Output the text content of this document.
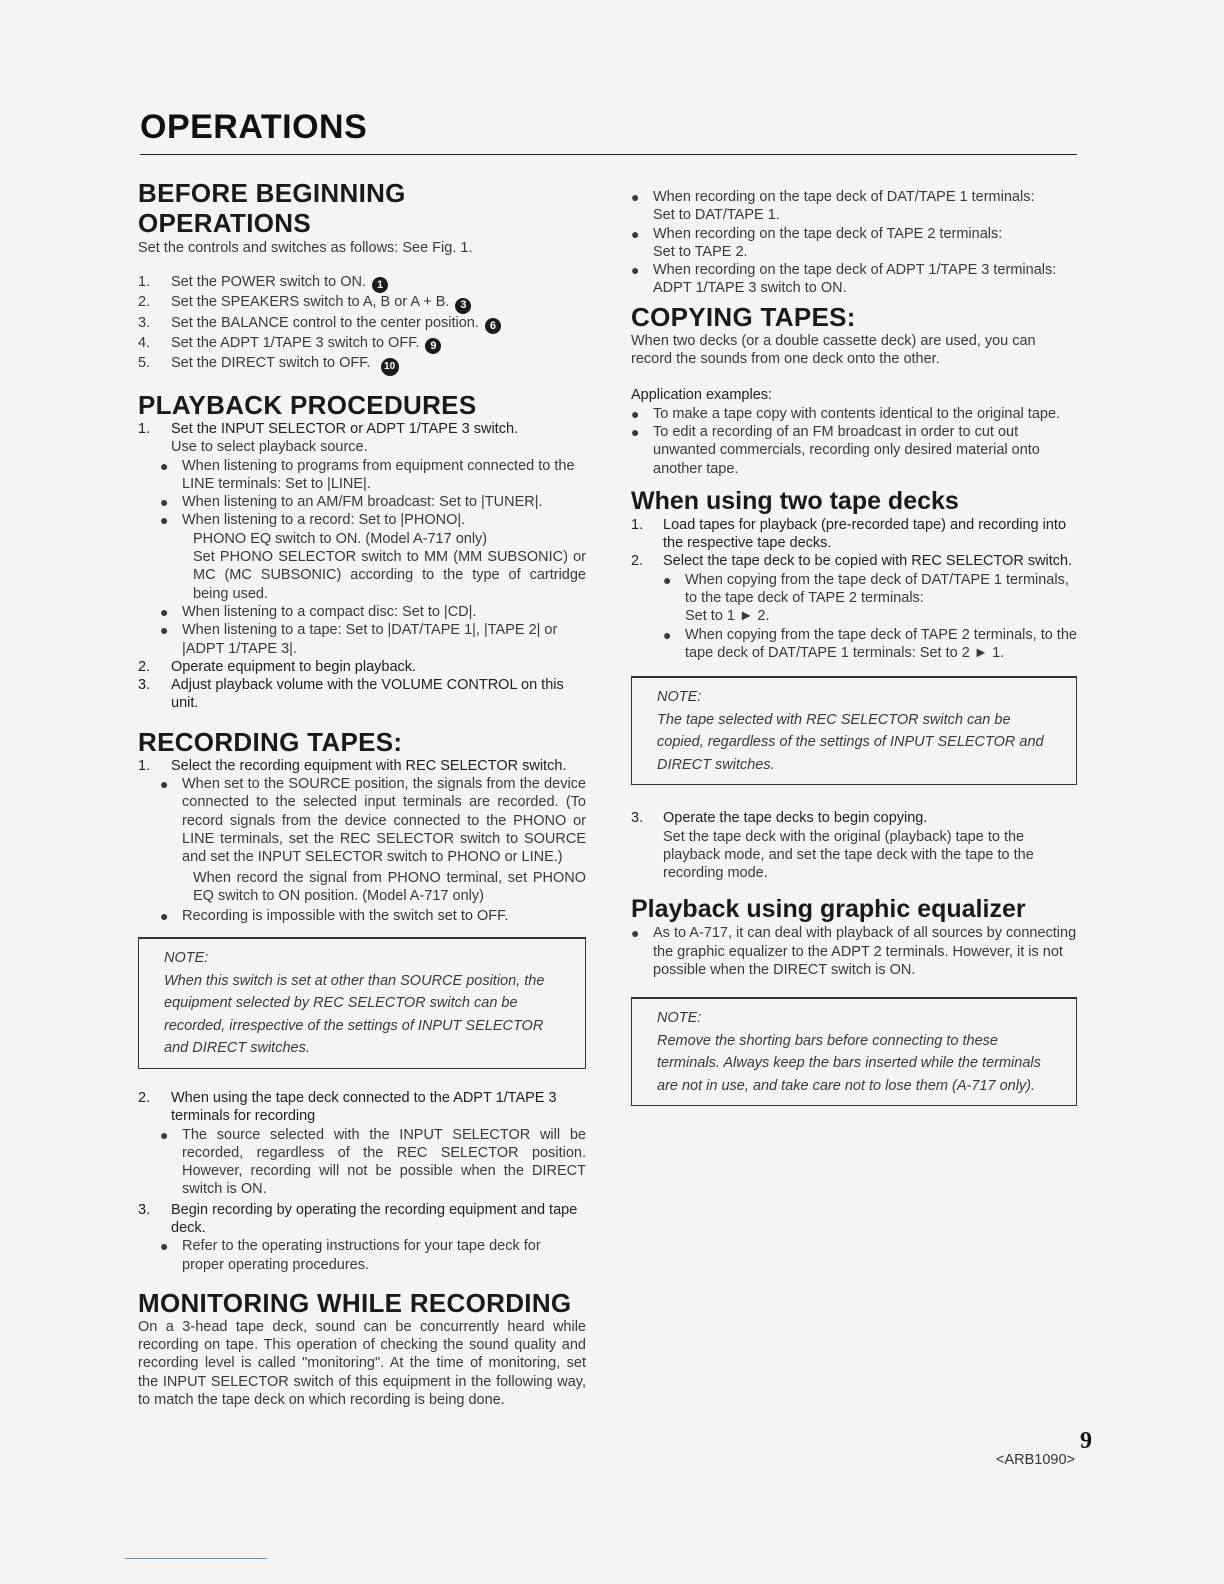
OPERATIONS
BEFORE BEGINNING OPERATIONS

Set the controls and switches as follows: See Fig. 1.

1.	Set the POWER switch to ON. 1
2.	Set the SPEAKERS switch to A, B or A + B. 3
3.	Set the BALANCE control to the center position. 6
4.	Set the ADPT 1/TAPE 3 switch to OFF. 9
5.	Set the DIRECT switch to OFF. 10
PLAYBACK PROCEDURES
1.	Set the INPUT SELECTOR or ADPT 1/TAPE 3 switch.

Use to select playback source.

● When listening to programs from equipment connected to the LINE terminals: Set to |LINE|.
● When listening to an AM/FM broadcast: Set to |TUNER|.
● When listening to a record: Set to |PHONO|.

PHONO EQ switch to ON. (Model A-717 only)

Set PHONO SELECTOR switch to MM (MM SUBSONIC) or MC (MC SUBSONIC) according to the type of cartridge being used.

● When listening to a compact disc: Set to |CD|.
● When listening to a tape: Set to |DAT/TAPE 1|, |TAPE 2| or |ADPT 1/TAPE 3|.
2.	Operate equipment to begin playback.
3.	Adjust playback volume with the VOLUME CONTROL on this unit.
RECORDING TAPES:
1.	Select the recording equipment with REC SELECTOR switch.
● When set to the SOURCE position, the signals from the device connected to the selected input terminals are recorded. (To record signals from the device connected to the PHONO or LINE terminals, set the REC SELECTOR switch to SOURCE and set the INPUT SELECTOR switch to PHONO or LINE.)

When record the signal from PHONO terminal, set PHONO EQ switch to ON position. (Model A-717 only)

● Recording is impossible with the switch set to OFF.

NOTE:

When this switch is set at other than SOURCE position, the equipment selected by REC SELECTOR switch can be recorded, irrespective of the settings of INPUT SELECTOR and DIRECT switches.

2.	When using the tape deck connected to the ADPT 1/TAPE 3 terminals for recording
● The source selected with the INPUT SELECTOR will be recorded, regardless of the REC SELECTOR position. However, recording will not be possible when the DIRECT switch is ON.
3.	Begin recording by operating the recording equipment and tape deck.
● Refer to the operating instructions for your tape deck for proper operating procedures.
MONITORING WHILE RECORDING

On a 3-head tape deck, sound can be concurrently heard while recording on tape. This operation of checking the sound quality and recording level is called "monitoring". At the time of monitoring, set the INPUT SELECTOR switch of this equipment in the following way, to match the tape deck on which recording is being done.

● When recording on the tape deck of DAT/TAPE 1 terminals:
Set to DAT/TAPE 1.
● When recording on the tape deck of TAPE 2 terminals:
Set to TAPE 2.
● When recording on the tape deck of ADPT 1/TAPE 3 terminals:
ADPT 1/TAPE 3 switch to ON.
COPYING TAPES:

When two decks (or a double cassette deck) are used, you can record the sounds from one deck onto the other.

Application examples:

● To make a tape copy with contents identical to the original tape.
● To edit a recording of an FM broadcast in order to cut out unwanted commercials, recording only desired material onto another tape.
When using two tape decks
1.	Load tapes for playback (pre-recorded tape) and recording into the respective tape decks.
2.	Select the tape deck to be copied with REC SELECTOR switch.
● When copying from the tape deck of DAT/TAPE 1 terminals, to the tape deck of TAPE 2 terminals:

Set to 1 ► 2.

● When copying from the tape deck of TAPE 2 terminals, to the tape deck of DAT/TAPE 1 terminals: Set to 2 ► 1.

NOTE:

The tape selected with REC SELECTOR switch can be copied, regardless of the settings of INPUT SELECTOR and DIRECT switches.

3.	Operate the tape decks to begin copying.

Set the tape deck with the original (playback) tape to the playback mode, and set the tape deck with the tape to the recording mode.

Playback using graphic equalizer
● As to A-717, it can deal with playback of all sources by connecting the graphic equalizer to the ADPT 2 terminals. However, it is not possible when the DIRECT switch is ON.

NOTE:

Remove the shorting bars before connecting to these terminals. Always keep the bars inserted while the terminals are not in use, and take care not to lose them (A-717 only).

9
<ARB1090>
